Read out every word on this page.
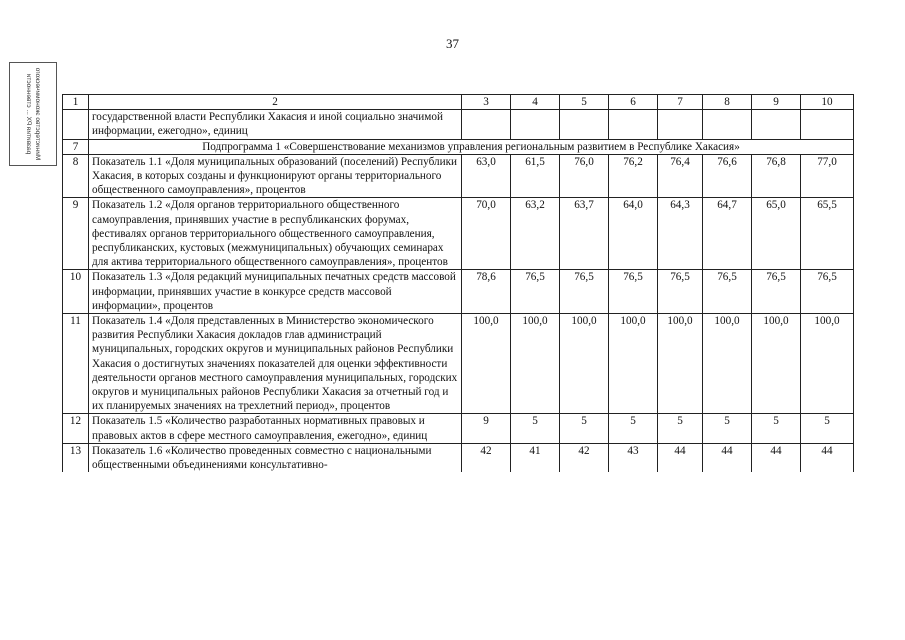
37
Министерство экономического развития РХ ... ственности	1	2	3	4	5	6	7	8	9	10
	государственной власти Республики Хакасия и иной социально значимой информации, ежегодно», единиц								
7	Подпрограмма 1 «Совершенствование механизмов управления региональным развитием в Республике Хакасия»								
8	Показатель 1.1 «Доля муниципальных образований (поселений) Республики Хакасия, в которых созданы и функционируют органы территориального общественного самоуправления», процентов	63,0	61,5	76,0	76,2	76,4	76,6	76,8	77,0
9	Показатель 1.2 «Доля органов территориального общественного самоуправления, принявших участие в республиканских форумах, фестивалях органов территориального общественного самоуправления, республиканских, кустовых (межмуниципальных) обучающих семинарах для актива территориального общественного самоуправления», процентов	70,0	63,2	63,7	64,0	64,3	64,7	65,0	65,5
10	Показатель 1.3 «Доля редакций муниципальных печатных средств массовой информации, принявших участие в конкурсе средств массовой информации», процентов	78,6	76,5	76,5	76,5	76,5	76,5	76,5	76,5
11	Показатель 1.4 «Доля представленных в Министерство экономического развития Республики Хакасия докладов глав администраций муниципальных, городских округов и муниципальных районов Республики Хакасия о достигнутых значениях показателей для оценки эффективности деятельности органов местного самоуправления муниципальных, городских округов и муниципальных районов Республики Хакасия за отчетный год и их планируемых значениях на трехлетний период», процентов	100,0	100,0	100,0	100,0	100,0	100,0	100,0	100,0
12	Показатель 1.5 «Количество разработанных нормативных правовых и правовых актов в сфере местного самоуправления, ежегодно», единиц	9	5	5	5	5	5	5	5
13	Показатель 1.6 «Количество проведенных совместно с национальными общественными объединениями консультативно-	42	41	42	43	44	44	44	44
